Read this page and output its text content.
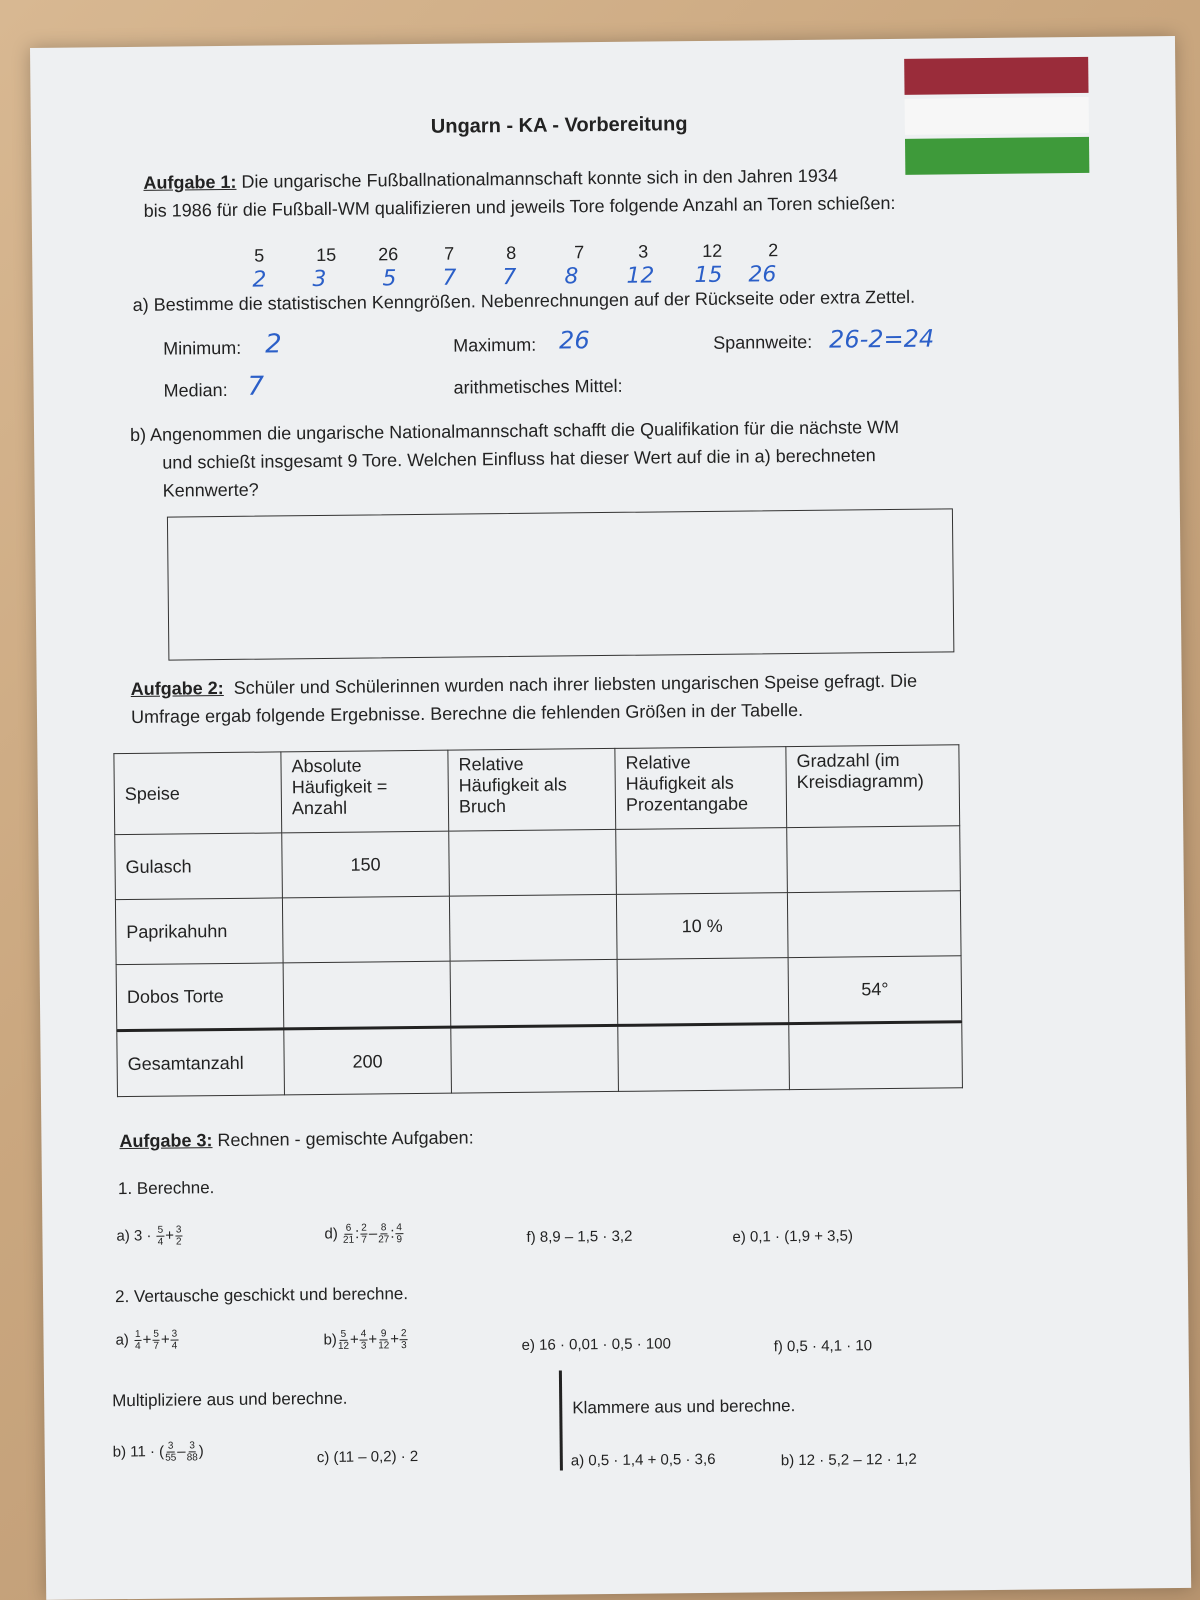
Ungarn - KA - Vorbereitung
Aufgabe 1: Die ungarische Fußballnationalmannschaft konnte sich in den Jahren 1934
bis 1986 für die Fußball-WM qualifizieren und jeweils Tore folgende Anzahl an Toren schießen:
5	15 26	7	8	7	3	12	2
2 3	5 7 7 8 12 15 26
a) Bestimme die statistischen Kenngrößen. Nebenrechnungen auf der Rückseite oder extra Zettel.
Minimum: 2	Maximum: 26	Spannweite: 26-2=24
Median: 7	arithmetisches Mittel:
b) Angenommen die ungarische Nationalmannschaft schafft die Qualifikation für die nächste WM
und schießt insgesamt 9 Tore. Welchen Einfluss hat dieser Wert auf die in a) berechneten
Kennwerte?
Aufgabe 2: Schüler und Schülerinnen wurden nach ihrer liebsten ungarischen Speise gefragt. Die
Umfrage ergab folgende Ergebnisse. Berechne die fehlenden Größen in der Tabelle.
Speise	Absolute Häufigkeit = Anzahl	Relative Häufigkeit als Bruch	Relative Häufigkeit als Prozentangabe	Gradzahl (im Kreisdiagramm)
Gulasch	150			
Paprikahuhn			10 %	
Dobos Torte				54°
Gesamtanzahl	200			
Aufgabe 3: Rechnen - gemischte Aufgaben:
1. Berechne.
a) $3 \cdot \frac{5}{4} + \frac{3}{2}$	$d) \frac{6}{21}$ : $\frac{2}{7} - \frac{8}{27}$ : $\frac{4}{9}$	f) 8,9 – 1,5 · 3,2	e) 0,1 · (1,9 + 3,5)
2. Vertausche geschickt und berechne.
$a) \frac{1}{4} + \frac{5}{7} + \frac{3}{4}$	$b) \frac{5}{12} + \frac{4}{3} + \frac{9}{12} + \frac{2}{3}$	e) 16 · 0,01 · 0,5 · 100	f) 0,5 · 4,1 · 10
Multipliziere aus und berechne.
b) 11 · ( $\frac{3}{55} - \frac{3}{88}$ )	c) (11 – 0,2) · 2
Klammere aus und berechne.
a) 0,5 · 1,4 + 0,5 · 3,6	b) 12 · 5,2 – 12 · 1,2
